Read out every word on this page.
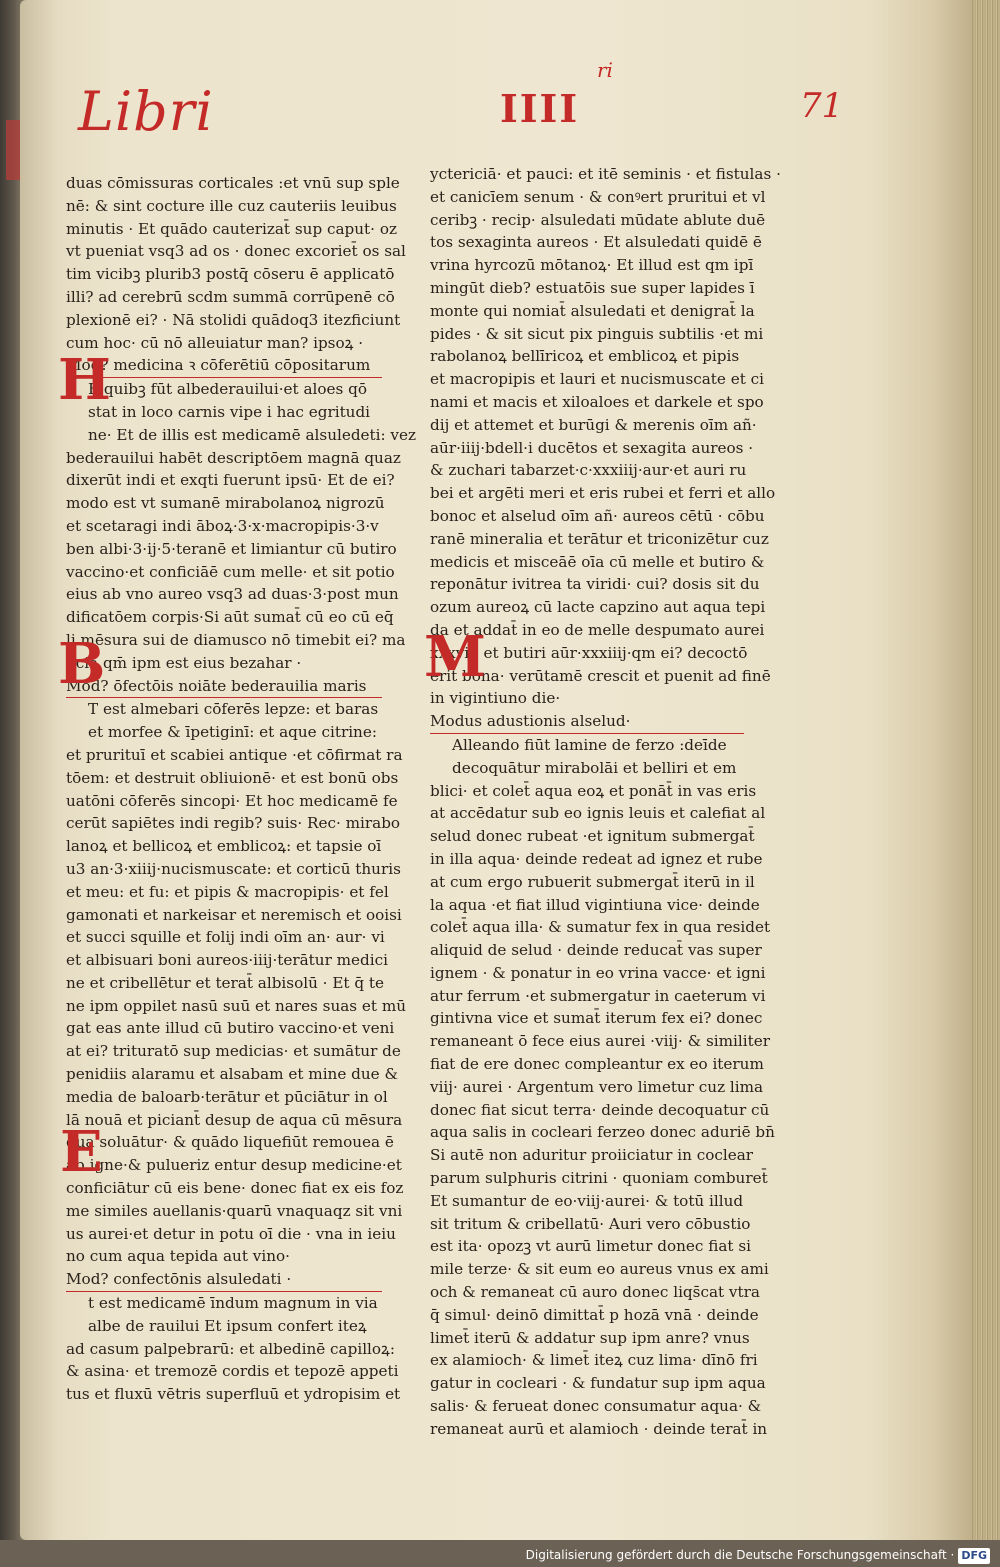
Libri
ri
IIII	71
duas cōmissuras corticales :et vnū sup sple
nē: & sint cocture ille cuz cauteriis leuibus
minutis · Et quādo cauterizat̄ sup caput· oz
vt pueniat vsq3 ad os · donec excoriet̄ os sal
tim vicibꝫ plurib3 postq̄ cōseru ē applicatō
illi? ad cerebrū scdm summā corrūpenē cō
plexionē ei? · Nā stolidi quādoq3 itezficiunt
cum hoc· cū nō alleuiatur man? ipsoꝝ ·
Mod? medicina ꝛ cōferētiū cōpositarum
E quibꝫ fūt albederauilui·et aloes qō
stat in loco carnis vipe i hac egritudi
ne· Et de illis est medicamē alsuledeti: vez
bederauilui habēt descriptōem magnā quaz
dixerūt indi et exqti fuerunt ipsū· Et de ei?
modo est vt sumanē mirabolanoꝝ nigrozū
et scetaragi indi āboꝝ·3·x·macropipis·3·v
ben albi·3·ij·5·teranē et limiantur cū butiro
vaccino·et conficiāē cum melle· et sit potio
eius ab vno aureo vsq3 ad duas·3·post mun
dificatōem corpis·Si aūt sumat̄ cū eo cū eq̄
li mēsura sui de diamusco nō timebit ei? ma
licia qm̄ ipm est eius bezahar ·
Mod? ōfectōis noiāte bederauilia maris
T est almebari cōferēs lepze: et baras
et morfee & īpetiginī: et aque citrine:
et prurituī et scabiei antique ·et cōfirmat ra
tōem: et destruit obliuionē· et est bonū obs
uatōni cōferēs sincopi· Et hoc medicamē fe
cerūt sapiētes indi regib? suis· Rec· mirabo
lanoꝝ et bellicoꝝ et emblicoꝝ: et tapsie oī
u3 an·3·xiiij·nucismuscate: et corticū thuris
et meu: et fu: et pipis & macropipis· et fel
gamonati et narkeisar et neremisch et ooisi
et succi squille et folij indi oīm an· aur· vi
et albisuari boni aureos·iiij·terātur medici
ne et cribellētur et terat̄ albisolū · Et q̄ te
ne ipm oppilet nasū suū et nares suas et mū
gat eas ante illud cū butiro vaccino·et veni
at ei? trituratō sup medicias· et sumātur de
penidiis alaramu et alsabam et mine due &
media de baloarb·terātur et pūciātur in ol
lā nouā et piciant̄ desup de aqua cū mēsura
qua soluātur· & quādo liquefiūt remouea ē
ab igne·& pulueriz entur desup medicine·et
conficiātur cū eis bene· donec fiat ex eis foz
me similes auellanis·quarū vnaquaqz sit vni
us aurei·et detur in potu oī die · vna in ieiu
no cum aqua tepida aut vino·
Mod? confectōnis alsuledati ·
t est medicamē īndum magnum in via
albe de rauilui Et ipsum confert iteꝝ
ad casum palpebrarū: et albedinē capilloꝝ:
& asina· et tremozē cordis et tepozē appeti
tus et fluxū vētris superfluū et ydropisim et
yctericiā· et pauci: et itē seminis · et fistulas ·
et canicīem senum · & conꝰert pruritui et vl
ceribꝫ · recip· alsuledati mūdate ablute duē
tos sexaginta aureos · Et alsuledati quidē ē
vrina hyrcozū mōtanoꝝ· Et illud est qm ipī
mingūt dieb? estuatōis sue super lapides ī
monte qui nomiat̄ alsuledati et denigrat̄ la
pides · & sit sicut pix pinguis subtilis ·et mi
rabolanoꝝ bellīricoꝝ et emblicoꝝ et pipis
et macropipis et lauri et nucismuscate et ci
nami et macis et xiloaloes et darkele et spo
dij et attemet et burūgi & merenis oīm añ·
aūr·iiij·bdell·i ducētos et sexagita aureos ·
& zuchari tabarzet·c·xxxiiij·aur·et auri ru
bei et argēti meri et eris rubei et ferri et allo
bonoc et alselud oīm añ· aureos cētū · cōbu
ranē mineralia et terātur et triconizētur cuz
medicis et misceāē oīa cū melle et butiro &
reponātur ivitrea ta viridi· cui? dosis sit du
ozum aureoꝝ cū lacte capzino aut aqua tepi
da et addat̄ in eo de melle despumato aurei
xxxvij· et butiri aūr·xxxiiij·qm ei? decoctō
erit bona· verūtamē crescit et puenit ad finē
in vigintiuno die·
Modus adustionis alselud·
Alleando fiūt lamine de ferzo :deīde
decoquātur mirabolāi et belliri et em
blici· et colet̄ aqua eoꝝ et ponāt̄ in vas eris
at accēdatur sub eo ignis leuis et calefiat al
selud donec rubeat ·et ignitum submergat̄
in illa aqua· deinde redeat ad ignez et rube
at cum ergo rubuerit submergat̄ iterū in il
la aqua ·et fiat illud vigintiuna vice· deinde
colet̄ aqua illa· & sumatur fex in qua residet
aliquid de selud · deinde reducat̄ vas super
ignem · & ponatur in eo vrina vacce· et igni
atur ferrum ·et submergatur in caeterum vi
gintivna vice et sumat̄ iterum fex ei? donec
remaneant ō fece eius aurei ·viij· & similiter
fiat de ere donec compleantur ex eo iterum
viij· aurei · Argentum vero limetur cuz lima
donec fiat sicut terra· deinde decoquatur cū
aqua salis in cocleari ferzeo donec aduriē bn̄
Si autē non aduritur proiiciatur in coclear
parum sulphuris citrini · quoniam comburet̄
Et sumantur de eo·viij·aurei· & totū illud
sit tritum & cribellatū· Auri vero cōbustio
est ita· opozꝫ vt aurū limetur donec fiat si
mile terze· & sit eum eo aureus vnus ex ami
och & remaneat cū auro donec liqs̄cat vtra
q̄ simul· deinō dimittat̄ p hozā vnā · deinde
limet̄ iterū & addatur sup ipm anre? vnus
ex alamioch· & limet̄ iteꝝ cuz lima· dīnō fri
gatur in cocleari · & fundatur sup ipm aqua
salis· & ferueat donec consumatur aqua· &
remaneat aurū et alamioch · deinde terat̄ in
H
B
E
M
Digitalisierung gefördert durch die Deutsche Forschungsgemeinschaft · DFG
